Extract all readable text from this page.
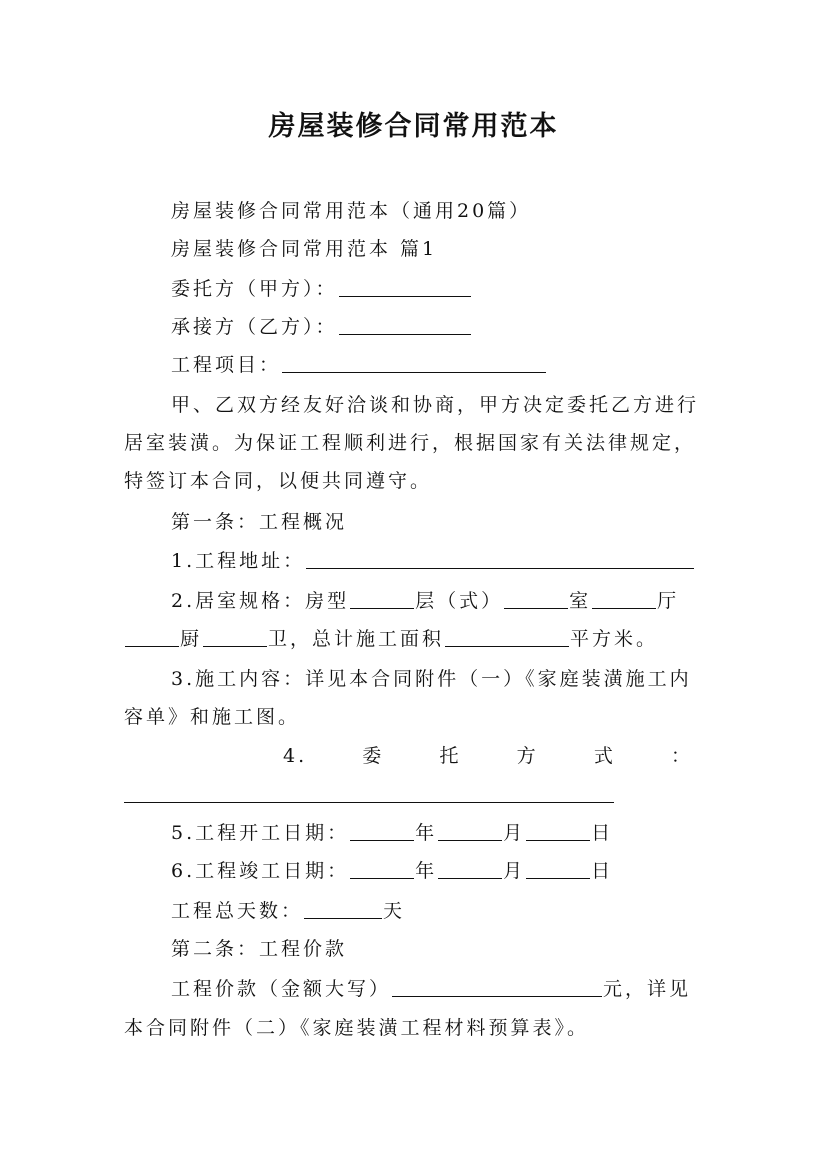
房屋装修合同常用范本
房屋装修合同常用范本（通用20篇）
房屋装修合同常用范本 篇1
委托方（甲方）：
承接方（乙方）：
工程项目：
甲、乙双方经友好洽谈和协商，甲方决定委托乙方进行
居室装潢。为保证工程顺利进行，根据国家有关法律规定，
特签订本合同，以便共同遵守。
第一条：工程概况
1.工程地址：
2.居室规格：房型	层（式）	室	厅
厨	卫，总计施工面积	平方米。
3.施工内容：详见本合同附件（一）《家庭装潢施工内
容单》和施工图。
4.	委	托	方	式	：
5.工程开工日期：	年	月	日
6.工程竣工日期：	年	月	日
工程总天数：	天
第二条：工程价款
工程价款（金额大写）	元，详见
本合同附件（二）《家庭装潢工程材料预算表》。
